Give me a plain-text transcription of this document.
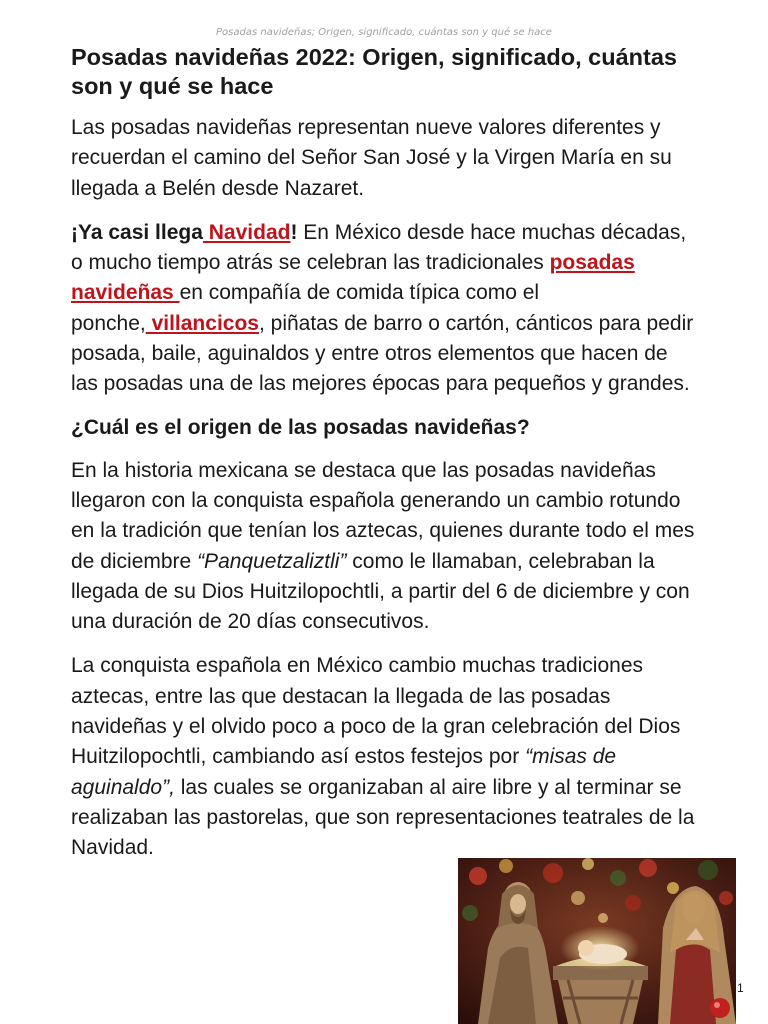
Posadas navideñas; Origen, significado, cuántas son y qué se hace
Posadas navideñas 2022: Origen, significado, cuántas
son y qué se hace
Las posadas navideñas representan nueve valores diferentes y
recuerdan el camino del Señor San José y la Virgen María en su
llegada a Belén desde Nazaret.
¡Ya casi llega Navidad! En México desde hace muchas décadas,
o mucho tiempo atrás se celebran las tradicionales posadas
navideñas en compañía de comida típica como el
ponche, villancicos, piñatas de barro o cartón, cánticos para pedir
posada, baile, aguinaldos y entre otros elementos que hacen de
las posadas una de las mejores épocas para pequeños y grandes.
¿Cuál es el origen de las posadas navideñas?
En la historia mexicana se destaca que las posadas navideñas
llegaron con la conquista española generando un cambio rotundo
en la tradición que tenían los aztecas, quienes durante todo el mes
de diciembre “Panquetzaliztli” como le llamaban, celebraban la
llegada de su Dios Huitzilopochtli, a partir del 6 de diciembre y con
una duración de 20 días consecutivos.
La conquista española en México cambio muchas tradiciones
aztecas, entre las que destacan la llegada de las posadas
navideñas y el olvido poco a poco de la gran celebración del Dios
Huitzilopochtli, cambiando así estos festejos por “misas de
aguinaldo”, las cuales se organizaban al aire libre y al terminar se
realizaban las pastorelas, que son representaciones teatrales de la
Navidad.
1
